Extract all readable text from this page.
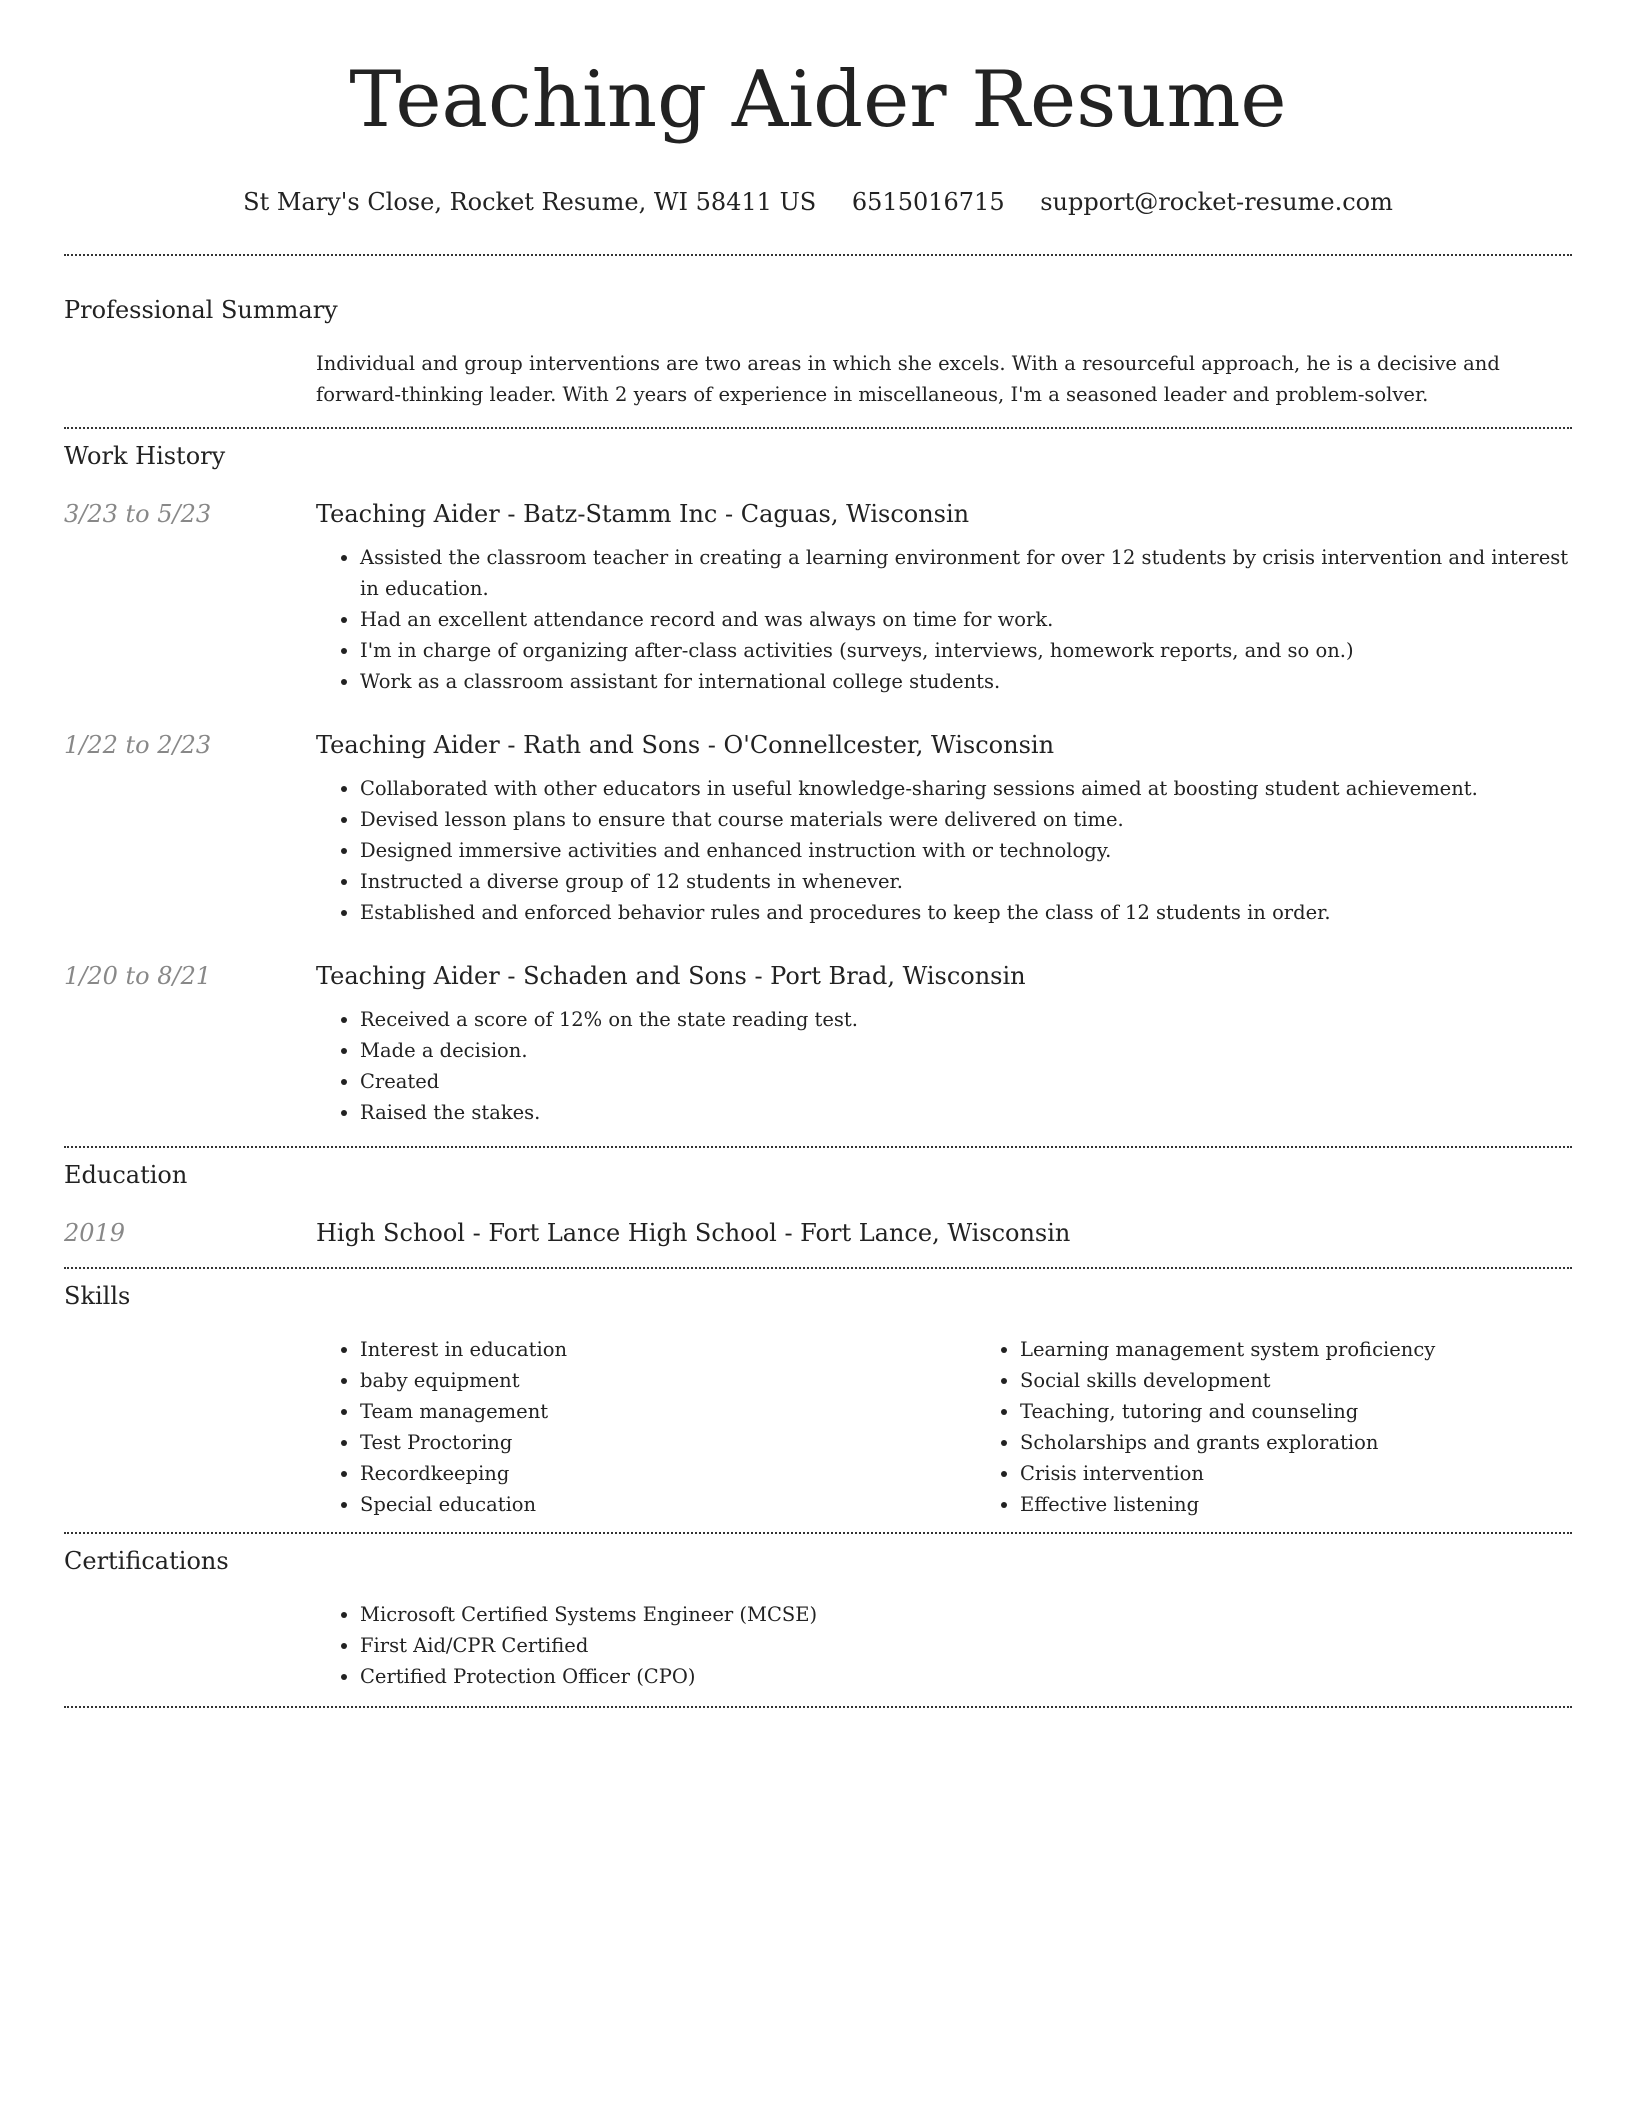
Teaching Aider Resume
St Mary's Close, Rocket Resume, WI 58411 US 6515016715 support@rocket-resume.com
Professional Summary
Individual and group interventions are two areas in which she excels. With a resourceful approach, he is a decisive and forward-thinking leader. With 2 years of experience in miscellaneous, I'm a seasoned leader and problem-solver.
Work History
3/23 to 5/23	Teaching Aider - Batz-Stamm Inc - Caguas, Wisconsin
• Assisted the classroom teacher in creating a learning environment for over 12 students by crisis intervention and interest in education.
• Had an excellent attendance record and was always on time for work.
• I'm in charge of organizing after-class activities (surveys, interviews, homework reports, and so on.)
• Work as a classroom assistant for international college students.
1/22 to 2/23	Teaching Aider - Rath and Sons - O'Connellcester, Wisconsin
• Collaborated with other educators in useful knowledge-sharing sessions aimed at boosting student achievement.
• Devised lesson plans to ensure that course materials were delivered on time.
• Designed immersive activities and enhanced instruction with or technology.
• Instructed a diverse group of 12 students in whenever.
• Established and enforced behavior rules and procedures to keep the class of 12 students in order.
1/20 to 8/21	Teaching Aider - Schaden and Sons - Port Brad, Wisconsin
• Received a score of 12% on the state reading test.
• Made a decision.
• Created
• Raised the stakes.
Education
2019	High School - Fort Lance High School - Fort Lance, Wisconsin
Skills
• Interest in education
• baby equipment
• Team management
• Test Proctoring
• Recordkeeping
• Special education
• Learning management system proficiency
• Social skills development
• Teaching, tutoring and counseling
• Scholarships and grants exploration
• Crisis intervention
• Effective listening
Certifications
• Microsoft Certified Systems Engineer (MCSE)
• First Aid/CPR Certified
• Certified Protection Officer (CPO)
